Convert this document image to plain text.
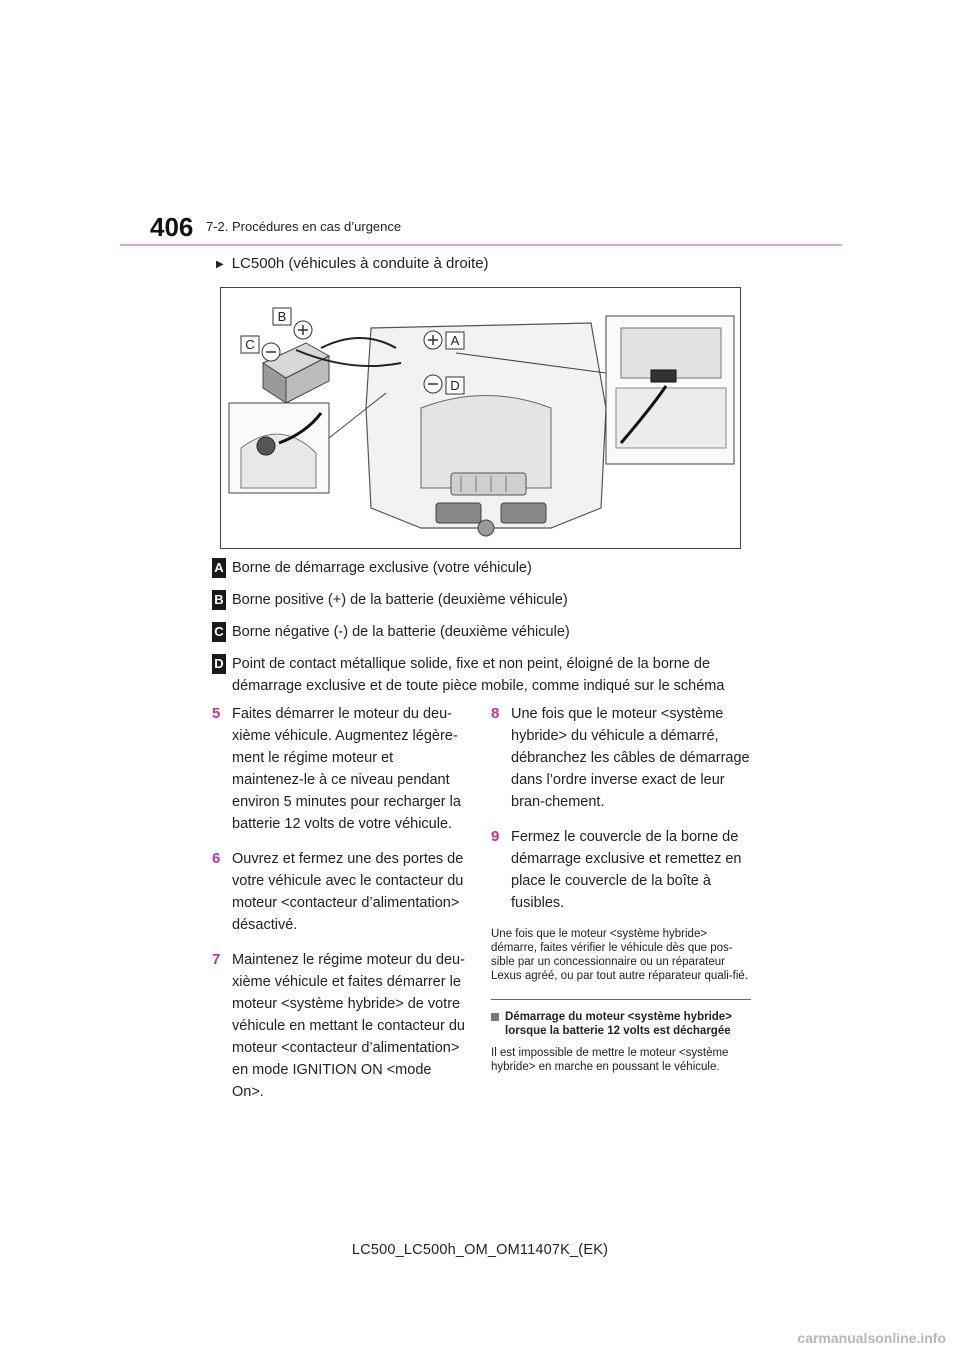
406 7-2. Procédures en cas d’urgence
▶ LC500h (véhicules à conduite à droite)
B
C	A
D
A Borne de démarrage exclusive (votre véhicule)
B Borne positive (+) de la batterie (deuxième véhicule)
C Borne négative (-) de la batterie (deuxième véhicule)
D Point de contact métallique solide, fixe et non peint, éloigné de la borne de démarrage exclusive et de toute pièce mobile, comme indiqué sur le schéma
5 Faites démarrer le moteur du deu-xième véhicule. Augmentez légère-ment le régime moteur et maintenez-le à ce niveau pendant environ 5 minutes pour recharger la batterie 12 volts de votre véhicule.
6 Ouvrez et fermez une des portes de votre véhicule avec le contacteur du moteur <contacteur d’alimentation> désactivé.
7 Maintenez le régime moteur du deu-xième véhicule et faites démarrer le moteur <système hybride> de votre véhicule en mettant le contacteur du moteur <contacteur d’alimentation> en mode IGNITION ON <mode On>.
8 Une fois que le moteur <système hybride> du véhicule a démarré, débranchez les câbles de démarrage dans l’ordre inverse exact de leur bran-chement.
9 Fermez le couvercle de la borne de démarrage exclusive et remettez en place le couvercle de la boîte à fusibles.
Une fois que le moteur <système hybride> démarre, faites vérifier le véhicule dès que pos-sible par un concessionnaire ou un réparateur Lexus agréé, ou par tout autre réparateur quali-fié.
Démarrage du moteur <système hybride> lorsque la batterie 12 volts est déchargée
Il est impossible de mettre le moteur <système hybride> en marche en poussant le véhicule.
LC500_LC500h_OM_OM11407K_(EK)
carmanualsonline.info
